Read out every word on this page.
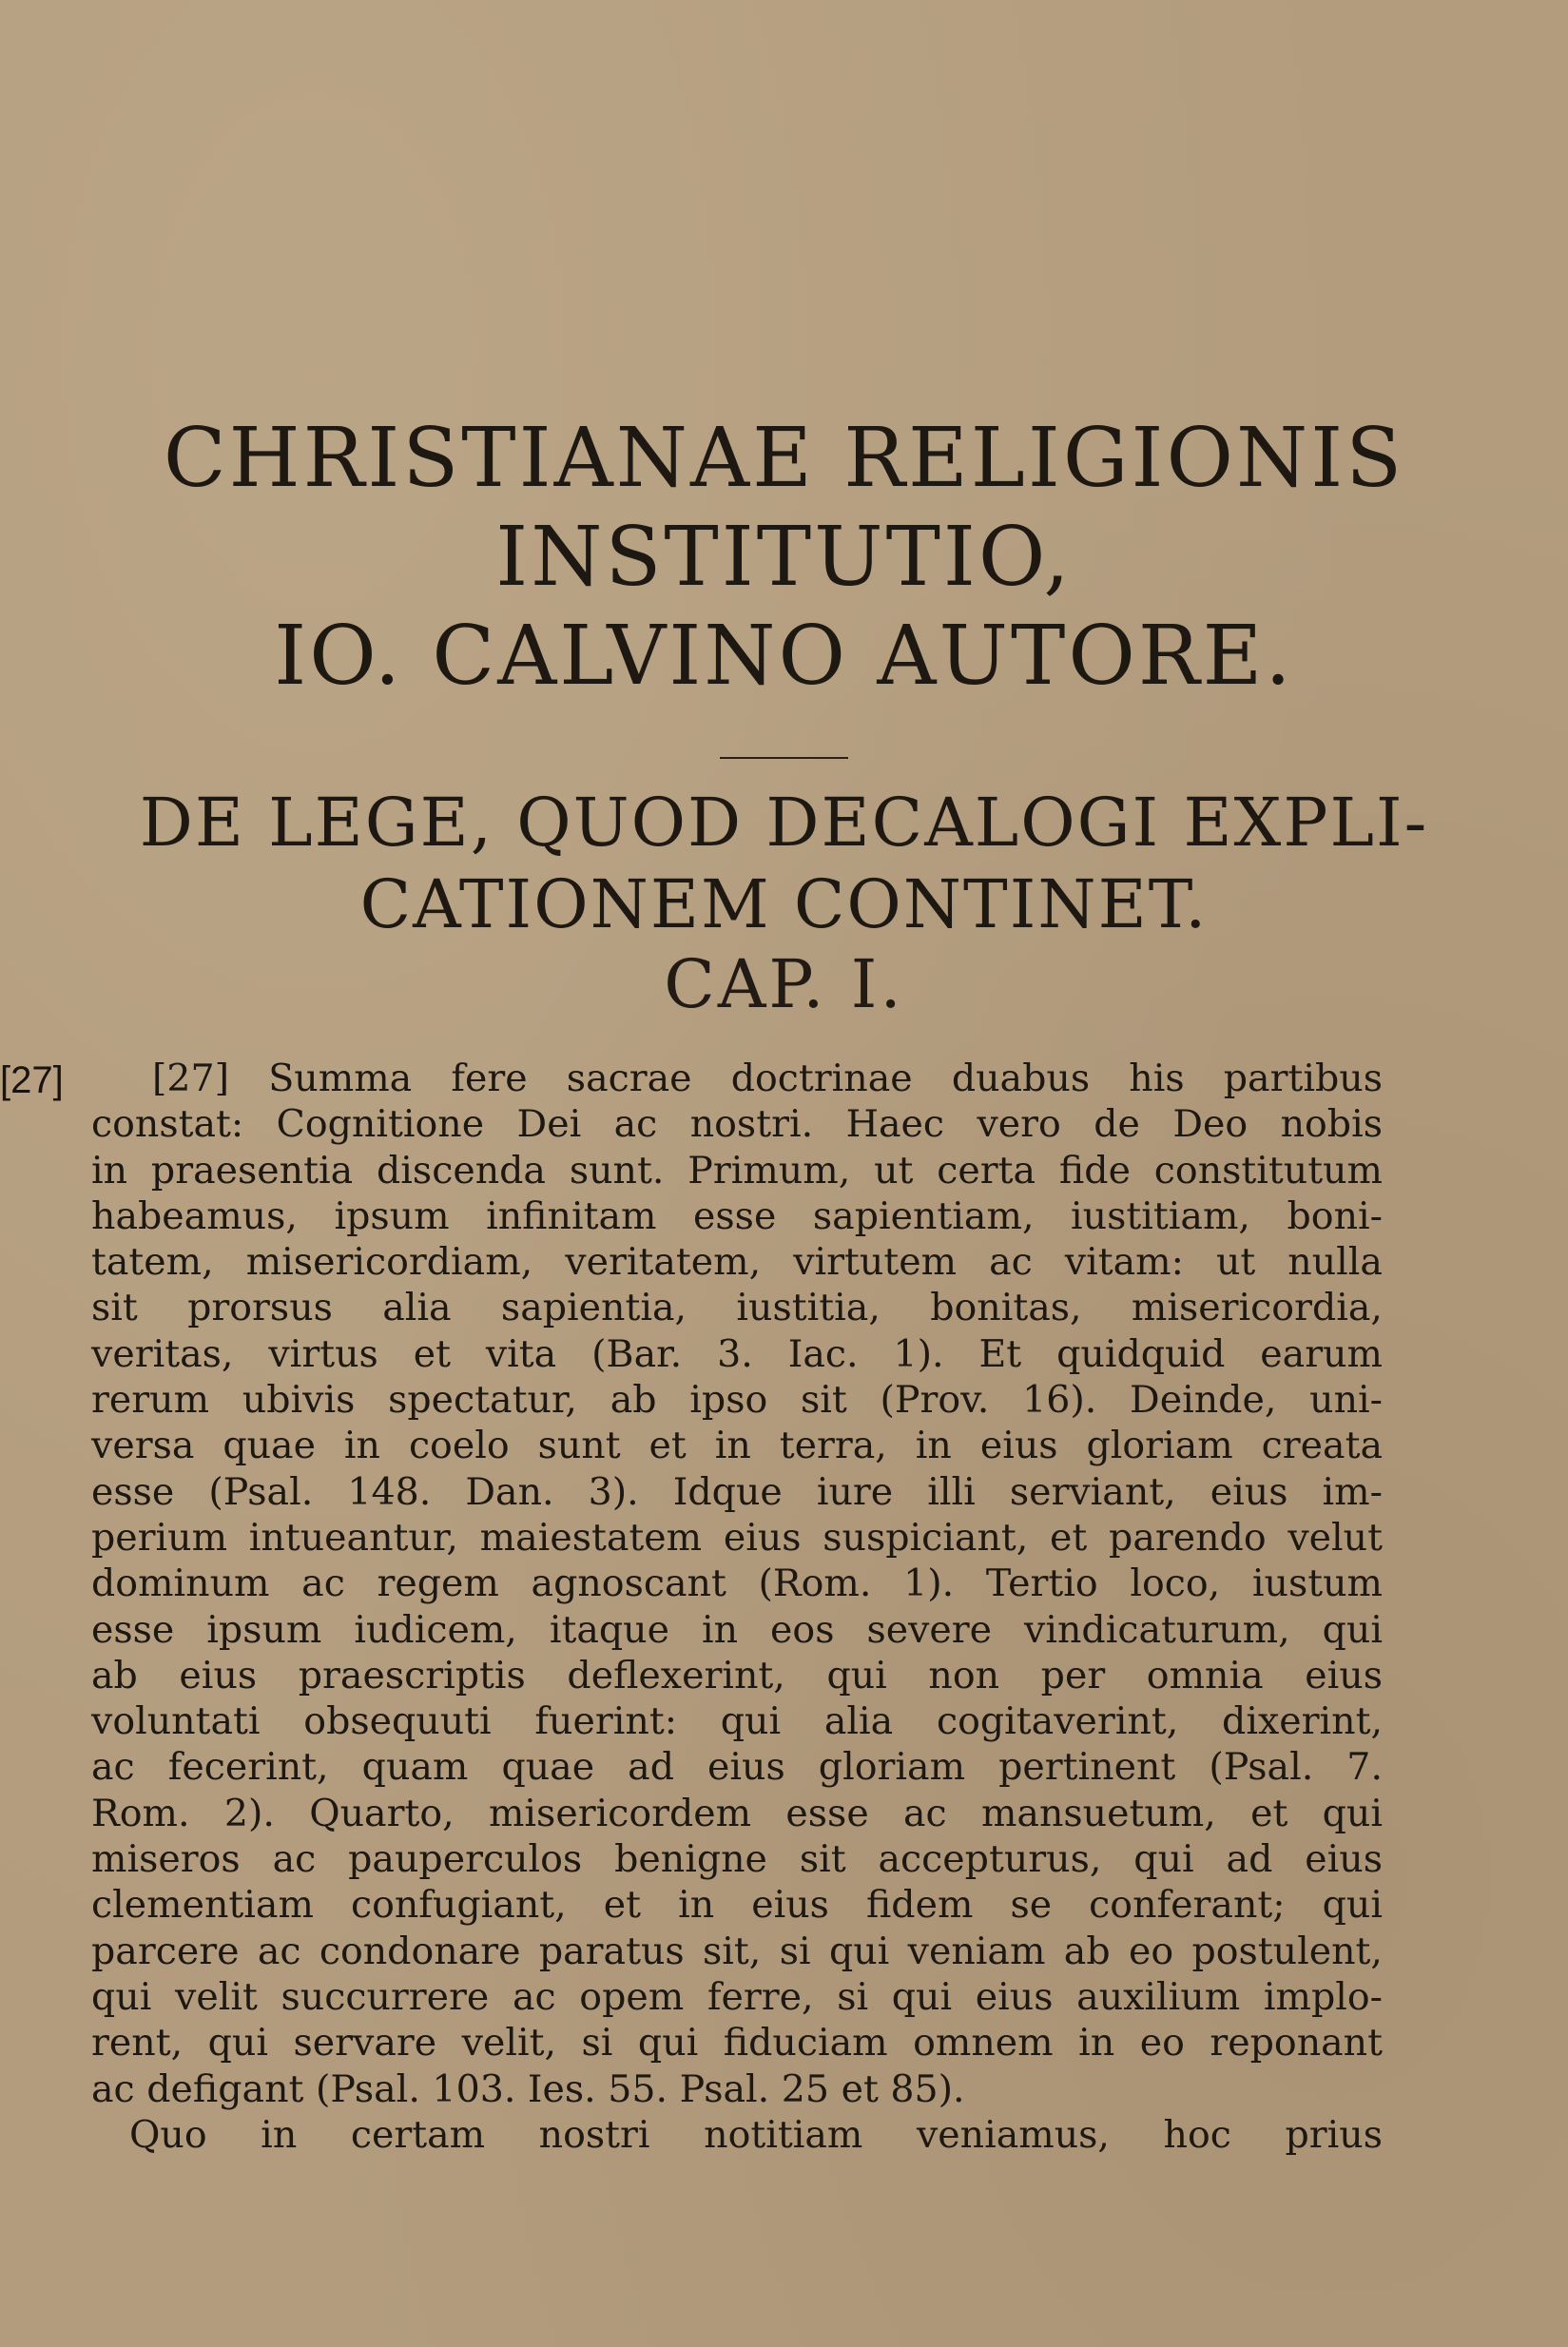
CHRISTIANAE RELIGIONIS
INSTITUTIO,
IO. CALVINO AUTORE.
DE LEGE, QUOD DECALOGI EXPLI-
CATIONEM CONTINET.
CAP. I.
[27]	[27] Summa fere sacrae doctrinae duabus his partibus
constat: Cognitione Dei ac nostri. Haec vero de Deo nobis
in praesentia discenda sunt. Primum, ut certa fide constitutum
habeamus, ipsum infinitam esse sapientiam, iustitiam, boni-
tatem, misericordiam, veritatem, virtutem ac vitam: ut nulla
sit prorsus alia sapientia, iustitia, bonitas, misericordia,
veritas, virtus et vita (Bar. 3. Iac. 1). Et quidquid earum
rerum ubivis spectatur, ab ipso sit (Prov. 16). Deinde, uni-
versa quae in coelo sunt et in terra, in eius gloriam creata
esse (Psal. 148. Dan. 3). Idque iure illi serviant, eius im-
perium intueantur, maiestatem eius suspiciant, et parendo velut
dominum ac regem agnoscant (Rom. 1). Tertio loco, iustum
esse ipsum iudicem, itaque in eos severe vindicaturum, qui
ab eius praescriptis deflexerint, qui non per omnia eius
voluntati obsequuti fuerint: qui alia cogitaverint, dixerint,
ac fecerint, quam quae ad eius gloriam pertinent (Psal. 7.
Rom. 2). Quarto, misericordem esse ac mansuetum, et qui
miseros ac pauperculos benigne sit accepturus, qui ad eius
clementiam confugiant, et in eius fidem se conferant; qui
parcere ac condonare paratus sit, si qui veniam ab eo postulent,
qui velit succurrere ac opem ferre, si qui eius auxilium implo-
rent, qui servare velit, si qui fiduciam omnem in eo reponant
ac defigant (Psal. 103. Ies. 55. Psal. 25 et 85).
Quo in certam nostri notitiam veniamus, hoc prius
